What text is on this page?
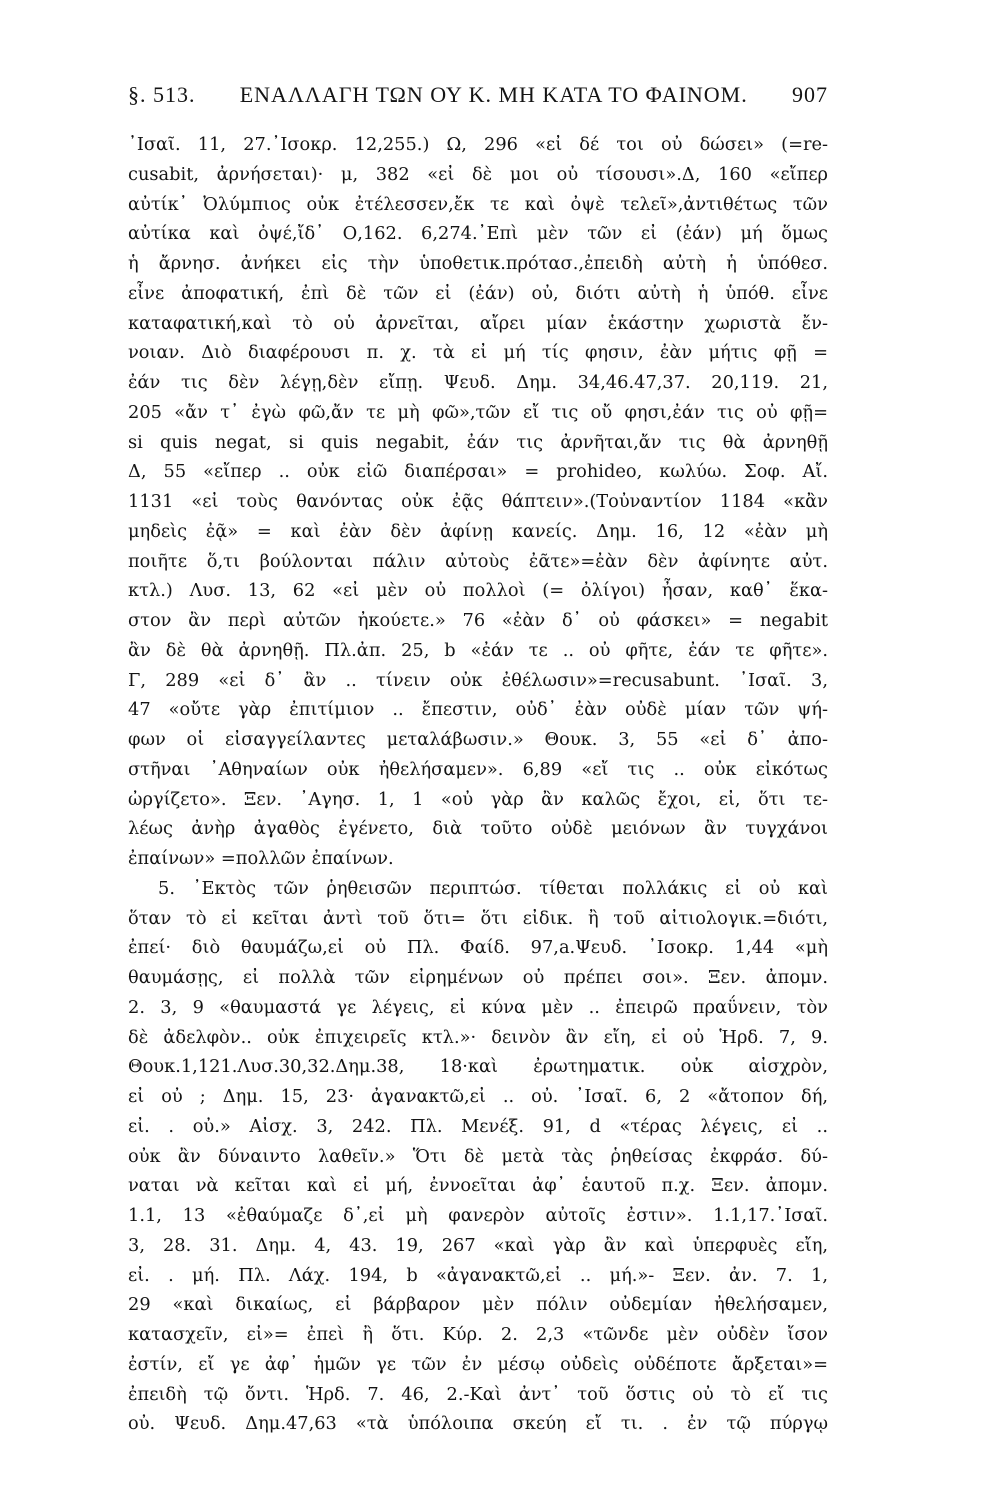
§. 513.	ΕΝΑΛΛΑΓΗ ΤΩΝ ΟΥ Κ. ΜΗ ΚΑΤΑ ΤΟ ΦΑΙΝΟΜ.	907
᾿Ισαῖ. 11, 27.᾿Ισοκρ. 12,255.) Ω, 296 «εἰ δέ τοι οὐ δώσει» (=re-
cusabit, ἀρνήσεται)· μ, 382 «εἰ δὲ μοι οὐ τίσουσι».Δ, 160 «εἴπερ
αὐτίκ᾿ Ὀλύμπιος οὐκ ἐτέλεσσεν,ἔκ τε καὶ ὀψὲ τελεῖ»,ἀντιθέτως τῶν
αὐτίκα καὶ ὀψέ,ἴδ᾿ Ο,162. 6,274.᾿Επὶ μὲν τῶν εἰ (ἐάν) μή ὅμως
ἡ ἄρνησ. ἀνήκει εἰς τὴν ὑποθετικ.πρότασ.,ἐπειδὴ αὐτὴ ἡ ὑπόθεσ.
εἶνε ἀποφατική, ἐπὶ δὲ τῶν εἰ (ἐάν) οὐ, διότι αὐτὴ ἡ ὑπόθ. εἶνε
καταφατική,καὶ τὸ οὐ ἀρνεῖται, αἴρει μίαν ἑκάστην χωριστὰ ἔν-
νοιαν. Διὸ διαφέρουσι π. χ. τὰ εἰ μή τίς φησιν, ἐὰν μήτις φῇ =
ἐάν τις δὲν λέγῃ,δὲν εἴπῃ. Ψευδ. Δημ. 34,46.47,37. 20,119. 21,
205 «ἄν τ᾿ ἐγὼ φῶ,ἄν τε μὴ φῶ»,τῶν εἴ τις οὔ φησι,ἐάν τις οὐ φῇ=
si quis negat, si quis negabit, ἐάν τις ἀρνῆται,ἄν τις θὰ ἀρνηθῇ
Δ, 55 «εἴπερ .. οὐκ εἰῶ διαπέρσαι» = prohideo, κωλύω. Σοφ. Αἴ.
1131 «εἰ τοὺς θανόντας οὐκ ἐᾷς θάπτειν».(Τοὐναντίον 1184 «κἂν
μηδεὶς ἐᾷ» = καὶ ἐὰν δὲν ἀφίνῃ κανείς. Δημ. 16, 12 «ἐὰν μὴ
ποιῆτε ὅ,τι βούλονται πάλιν αὐτοὺς ἐᾶτε»=ἐὰν δὲν ἀφίνητε αὐτ.
κτλ.) Λυσ. 13, 62 «εἰ μὲν οὐ πολλοὶ (= ὀλίγοι) ἦσαν, καθ᾿ ἕκα-
στον ἂν περὶ αὐτῶν ἠκούετε.» 76 «ἐὰν δ᾿ οὐ φάσκει» = negabit
ἂν δὲ θὰ ἀρνηθῇ. Πλ.ἀπ. 25, b «ἐάν τε .. οὐ φῆτε, ἐάν τε φῆτε».
Γ, 289 «εἰ δ᾿ ἂν .. τίνειν οὐκ ἐθέλωσιν»=recusabunt. ᾿Ισαῖ. 3,
47 «οὔτε γὰρ ἐπιτίμιον .. ἔπεστιν, οὐδ᾿ ἐὰν οὐδὲ μίαν τῶν ψή-
φων οἱ εἰσαγγείλαντες μεταλάβωσιν.» Θουκ. 3, 55 «εἰ δ᾿ ἀπο-
στῆναι ᾿Αθηναίων οὐκ ἠθελήσαμεν». 6,89 «εἴ τις .. οὐκ εἰκότως
ὠργίζετο». Ξεν. ᾿Αγησ. 1, 1 «οὐ γὰρ ἂν καλῶς ἔχοι, εἰ, ὅτι τε-
λέως ἀνὴρ ἀγαθὸς ἐγένετο, διὰ τοῦτο οὐδὲ μειόνων ἂν τυγχάνοι
ἐπαίνων» =πολλῶν ἐπαίνων.
5. ᾿Εκτὸς τῶν ῥηθεισῶν περιπτώσ. τίθεται πολλάκις εἰ οὐ καὶ
ὅταν τὸ εἰ κεῖται ἀντὶ τοῦ ὅτι= ὅτι εἰδικ. ἢ τοῦ αἰτιολογικ.=διότι,
ἐπεί· διὸ θαυμάζω,εἰ οὐ Πλ. Φαίδ. 97,a.Ψευδ. ᾿Ισοκρ. 1,44 «μὴ
θαυμάσῃς, εἰ πολλὰ τῶν εἰρημένων οὐ πρέπει σοι». Ξεν. ἀπομν.
2. 3, 9 «θαυμαστά γε λέγεις, εἰ κύνα μὲν .. ἐπειρῶ πραΰνειν, τὸν
δὲ ἀδελφὸν.. οὐκ ἐπιχειρεῖς κτλ.»· δεινὸν ἂν εἴη, εἰ οὐ Ἡρδ. 7, 9.
Θουκ.1,121.Λυσ.30,32.Δημ.38, 18·καὶ ἐρωτηματικ. οὐκ αἰσχρὸν,
εἰ οὐ ; Δημ. 15, 23· ἀγανακτῶ,εἰ .. οὐ. ᾿Ισαῖ. 6, 2 «ἄτοπον δή,
εἰ. . οὐ.» Αἰσχ. 3, 242. Πλ. Μενέξ. 91, d «τέρας λέγεις, εἰ ..
οὐκ ἂν δύναιντο λαθεῖν.» Ὅτι δὲ μετὰ τὰς ῥηθείσας ἐκφράσ. δύ-
ναται νὰ κεῖται καὶ εἰ μή, ἐννοεῖται ἀφ᾿ ἑαυτοῦ π.χ. Ξεν. ἀπομν.
1.1, 13 «ἐθαύμαζε δ᾿,εἰ μὴ φανερὸν αὐτοῖς ἐστιν». 1.1,17.᾿Ισαῖ.
3, 28. 31. Δημ. 4, 43. 19, 267 «καὶ γὰρ ἂν καὶ ὑπερφυὲς εἴη,
εἰ. . μή. Πλ. Λάχ. 194, b «ἀγανακτῶ,εἰ .. μή.»- Ξεν. ἀν. 7. 1,
29 «καὶ δικαίως, εἰ βάρβαρον μὲν πόλιν οὐδεμίαν ἠθελήσαμεν,
κατασχεῖν, εἰ»= ἐπεὶ ἢ ὅτι. Κύρ. 2. 2,3 «τῶνδε μὲν οὐδὲν ἴσον
ἐστίν, εἴ γε ἀφ᾿ ἡμῶν γε τῶν ἐν μέσῳ οὐδεὶς οὐδέποτε ἄρξεται»=
ἐπειδὴ τῷ ὄντι. Ἡρδ. 7. 46, 2.-Καὶ ἀντ᾿ τοῦ ὅστις οὐ τὸ εἴ τις
οὐ. Ψευδ. Δημ.47,63 «τὰ ὑπόλοιπα σκεύη εἴ τι. . ἐν τῷ πύργῳ
